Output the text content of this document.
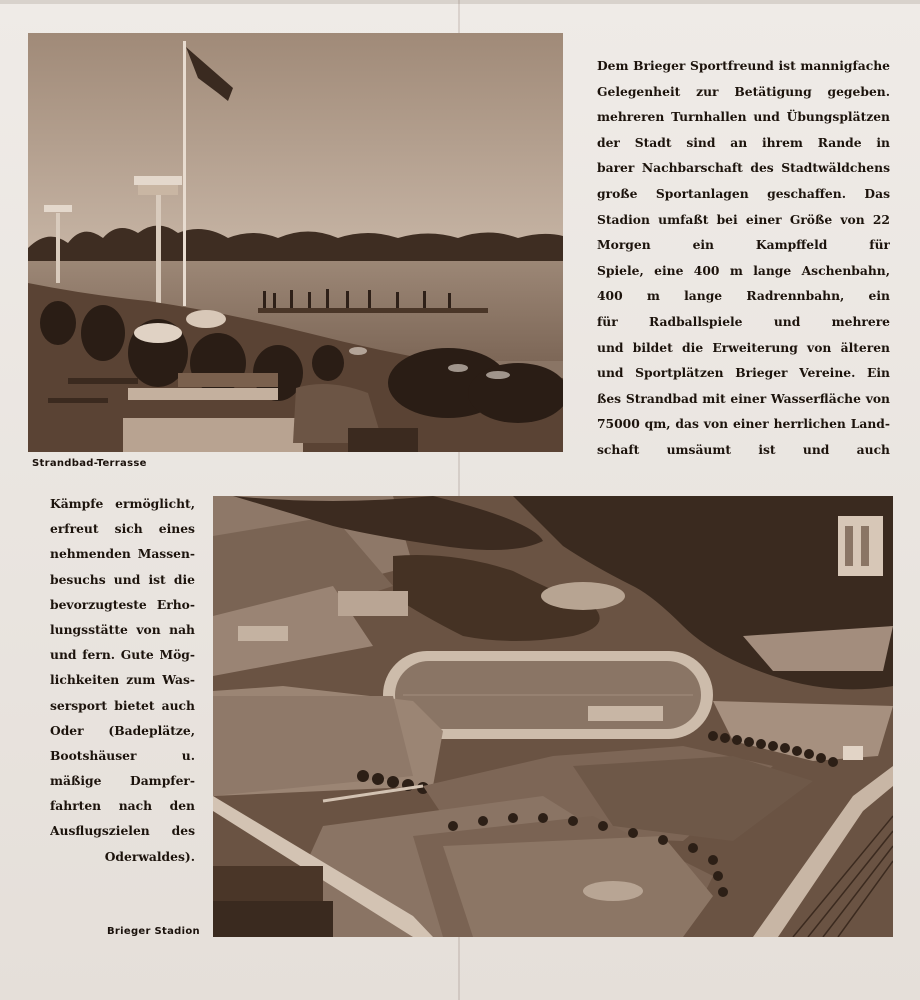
Strandbad-Terrasse
Dem Brieger Sportfreund ist mannigfache
Gelegenheit zur Betätigung gegeben.
mehreren Turnhallen und Übungsplätzen
der Stadt sind an ihrem Rande in
barer Nachbarschaft des Stadtwäldchens
große Sportanlagen geschaffen. Das
Stadion umfaßt bei einer Größe von 22
Morgen ein Kampffeld für
Spiele, eine 400 m lange Aschenbahn,
400 m lange Radrennbahn, ein
für Radballspiele und mehrere
und bildet die Erweiterung von älteren
und Sportplätzen Brieger Vereine. Ein
ßes Strandbad mit einer Wasserfläche von
75000 qm, das von einer herrlichen Land-
schaft umsäumt ist und auch
Kämpfe ermöglicht,
erfreut sich eines
nehmenden Massen-
besuchs und ist die
bevorzugteste Erho-
lungsstätte von nah
und fern. Gute Mög-
lichkeiten zum Was-
sersport bietet auch
Oder (Badeplätze,
Bootshäuser u.
mäßige Dampfer-
fahrten nach den
Ausflugszielen des
Oderwaldes).
Brieger Stadion
